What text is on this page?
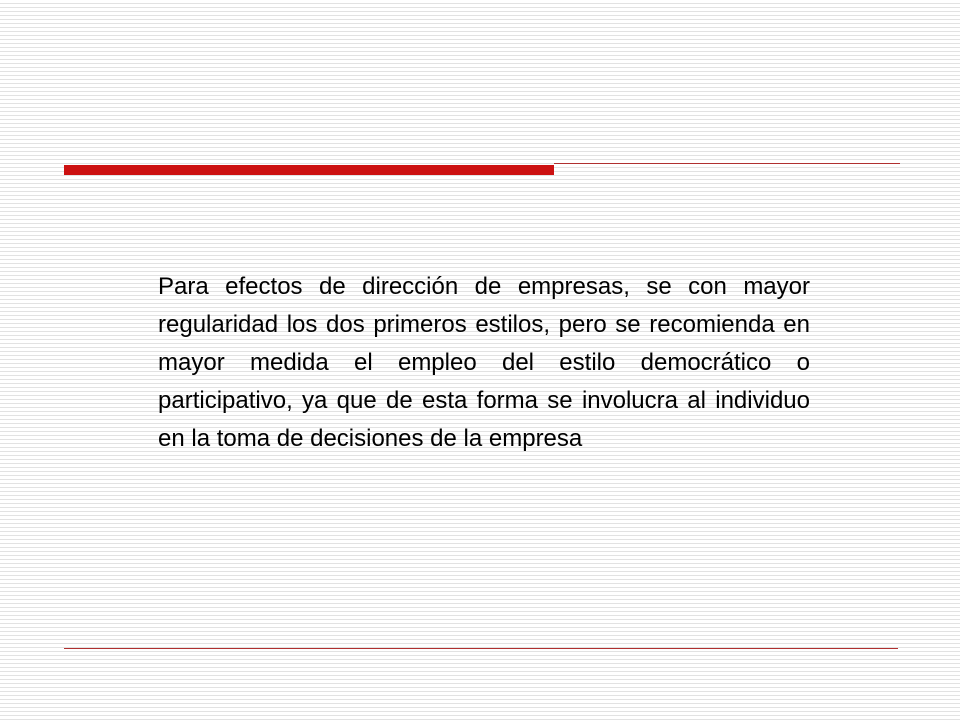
Para efectos de dirección de empresas, se con mayor regularidad los dos primeros estilos, pero se recomienda en mayor medida el empleo del estilo democrático o participativo, ya que de esta forma se involucra al individuo en la toma de decisiones de la empresa
